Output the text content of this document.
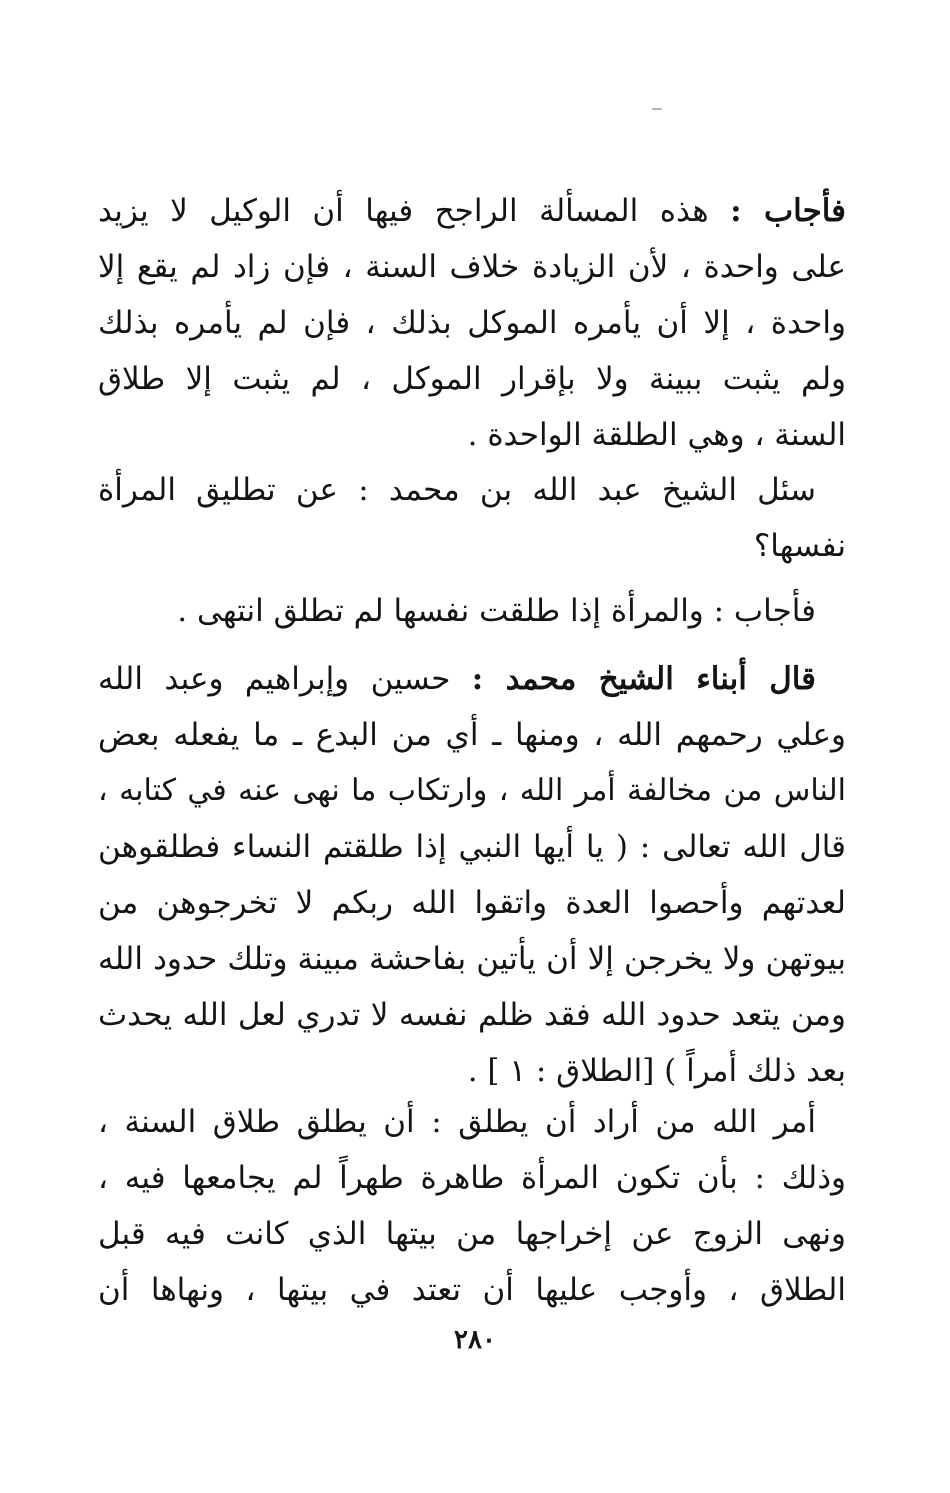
فأجاب : هذه المسألة الراجح فيها أن الوكيل لا يزيد
على واحدة ، لأن الزيادة خلاف السنة ، فإن زاد لم يقع إلا
واحدة ، إلا أن يأمره الموكل بذلك ، فإن لم يأمره بذلك
ولم يثبت ببينة ولا بإقرار الموكل ، لم يثبت إلا طلاق
السنة ، وهي الطلقة الواحدة .
سئل الشيخ عبد الله بن محمد : عن تطليق المرأة
نفسها؟
فأجاب : والمرأة إذا طلقت نفسها لم تطلق انتهى .
قال أبناء الشيخ محمد : حسين وإبراهيم وعبد الله
وعلي رحمهم الله ، ومنها ـ أي من البدع ـ ما يفعله بعض
الناس من مخالفة أمر الله ، وارتكاب ما نهى عنه في كتابه ،
قال الله تعالى : ( يا أيها النبي إذا طلقتم النساء فطلقوهن
لعدتهم وأحصوا العدة واتقوا الله ربكم لا تخرجوهن من
بيوتهن ولا يخرجن إلا أن يأتين بفاحشة مبينة وتلك حدود الله
ومن يتعد حدود الله فقد ظلم نفسه لا تدري لعل الله يحدث
بعد ذلك أمراً ) [الطلاق : ١ ] .
أمر الله من أراد أن يطلق : أن يطلق طلاق السنة ،
وذلك : بأن تكون المرأة طاهرة طهراً لم يجامعها فيه ،
ونهى الزوج عن إخراجها من بيتها الذي كانت فيه قبل
الطلاق ، وأوجب عليها أن تعتد في بيتها ، ونهاها أن
٢٨٠
